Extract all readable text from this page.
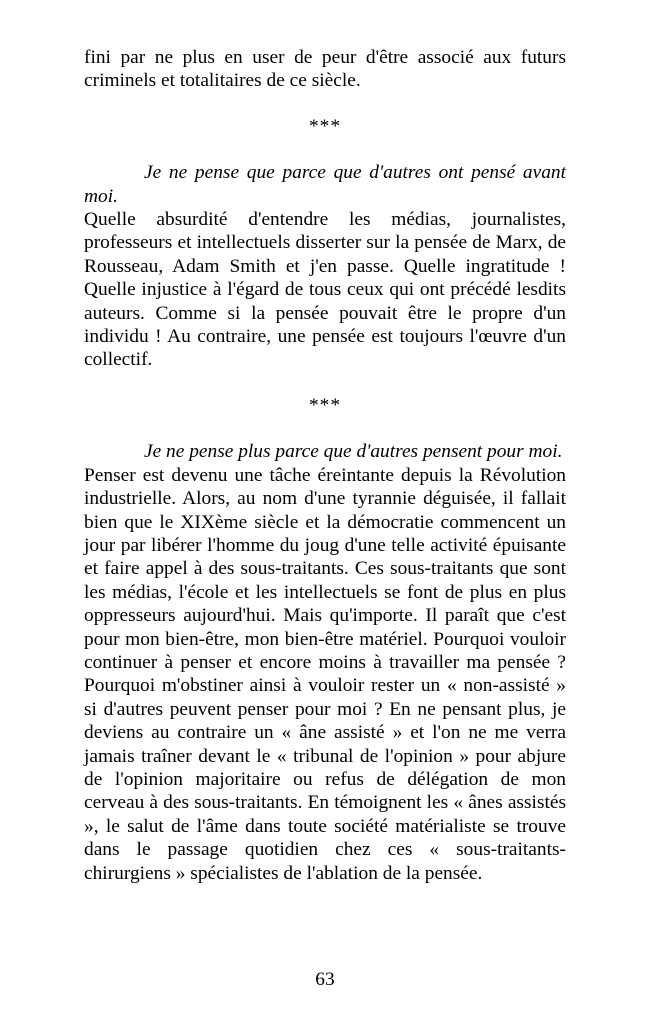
fini par ne plus en user de peur d'être associé aux futurs criminels et totalitaires de ce siècle.

***

Je ne pense que parce que d'autres ont pensé avant moi.

Quelle absurdité d'entendre les médias, journalistes, professeurs et intellectuels disserter sur la pensée de Marx, de Rousseau, Adam Smith et j'en passe. Quelle ingratitude ! Quelle injustice à l'égard de tous ceux qui ont précédé lesdits auteurs. Comme si la pensée pouvait être le propre d'un individu ! Au contraire, une pensée est toujours l'œuvre d'un collectif.

***

Je ne pense plus parce que d'autres pensent pour moi.

Penser est devenu une tâche éreintante depuis la Révolution industrielle. Alors, au nom d'une tyrannie déguisée, il fallait bien que le XIXème siècle et la démocratie commencent un jour par libérer l'homme du joug d'une telle activité épuisante et faire appel à des sous-traitants. Ces sous-traitants que sont les médias, l'école et les intellectuels se font de plus en plus oppresseurs aujourd'hui. Mais qu'importe. Il paraît que c'est pour mon bien-être, mon bien-être matériel. Pourquoi vouloir continuer à penser et encore moins à travailler ma pensée ? Pourquoi m'obstiner ainsi à vouloir rester un « non-assisté » si d'autres peuvent penser pour moi ? En ne pensant plus, je deviens au contraire un « âne assisté » et l'on ne me verra jamais traîner devant le « tribunal de l'opinion » pour abjure de l'opinion majoritaire ou refus de délégation de mon cerveau à des sous-traitants. En témoignent les « ânes assistés », le salut de l'âme dans toute société matérialiste se trouve dans le passage quotidien chez ces « sous-traitants-chirurgiens » spécialistes de l'ablation de la pensée.

63
